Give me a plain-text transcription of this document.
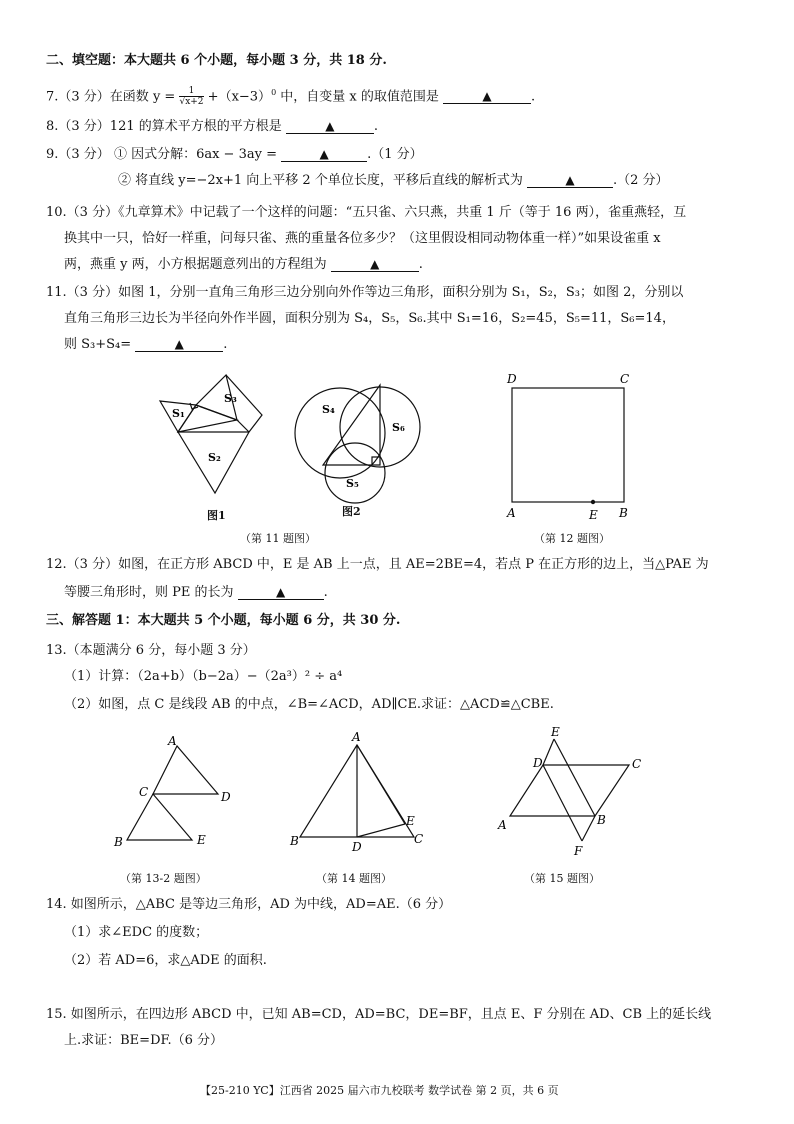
二、填空题：本大题共 6 个小题，每小题 3 分，共 18 分.
7.（3 分）在函数 $y = \frac{1}{√x+2} +(x-3)^0$ 中，自变量 x 的取值范围是	▲	.
8.（3 分）121 的算术平方根的平方根是	▲	.
9.（3 分） ① 因式分解：6ax − 3ay =	▲	.（1 分）
② 将直线 y=−2x+1 向上平移 2 个单位长度，平移后直线的解析式为	▲	.（2 分）
10.（3 分）《九章算术》中记载了一个这样的问题：“五只雀、六只燕，共重 1 斤（等于 16 两），雀重燕轻，互
换其中一只，恰好一样重，问每只雀、燕的重量各位多少？（这里假设相同动物体重一样）”如果设雀重 x
两，燕重 y 两，小方根据题意列出的方程组为	▲	.
11.（3 分）如图 1，分别一直角三角形三边分别向外作等边三角形，面积分别为 S₁，S₂，S₃；如图 2，分别以
直角三角形三边长为半径向外作半圆，面积分别为 S₄，S₅，S₆.其中 S₁=16，S₂=45，S₅=11，S₆=14，
则 S₃+S₄=	▲	.
S₁
S₃
S₂
S₄
S₆
S₅
D	C
A	E B
图1	图2
（第 11 题图）	（第 12 题图）
12.（3 分）如图，在正方形 ABCD 中，E 是 AB 上一点，且 AE=2BE=4，若点 P 在正方形的边上，当△PAE 为
等腰三角形时，则 PE 的长为	▲	.
三、解答题 1：本大题共 5 个小题，每小题 6 分，共 30 分.
13.（本题满分 6 分，每小题 3 分）
（1）计算：（2a+b）（b−2a）−（2a³）² ÷ a⁴
（2）如图，点 C 是线段 AB 的中点，∠B=∠ACD，AD∥CE.求证：△ACD≌△CBE.
A
C	D
B	E
A
B	D
E
C
E
D	C
A	B
F
（第 13-2 题图）	（第 14 题图）	（第 15 题图）
14. 如图所示，△ABC 是等边三角形，AD 为中线，AD=AE.（6 分）
（1）求∠EDC 的度数；
（2）若 AD=6，求△ADE 的面积.
15. 如图所示，在四边形 ABCD 中，已知 AB=CD，AD=BC，DE=BF，且点 E、F 分别在 AD、CB 上的延长线
上.求证：BE=DF.（6 分）
【25-210 YC】江西省 2025 届六市九校联考 数学试卷 第 2 页，共 6 页
